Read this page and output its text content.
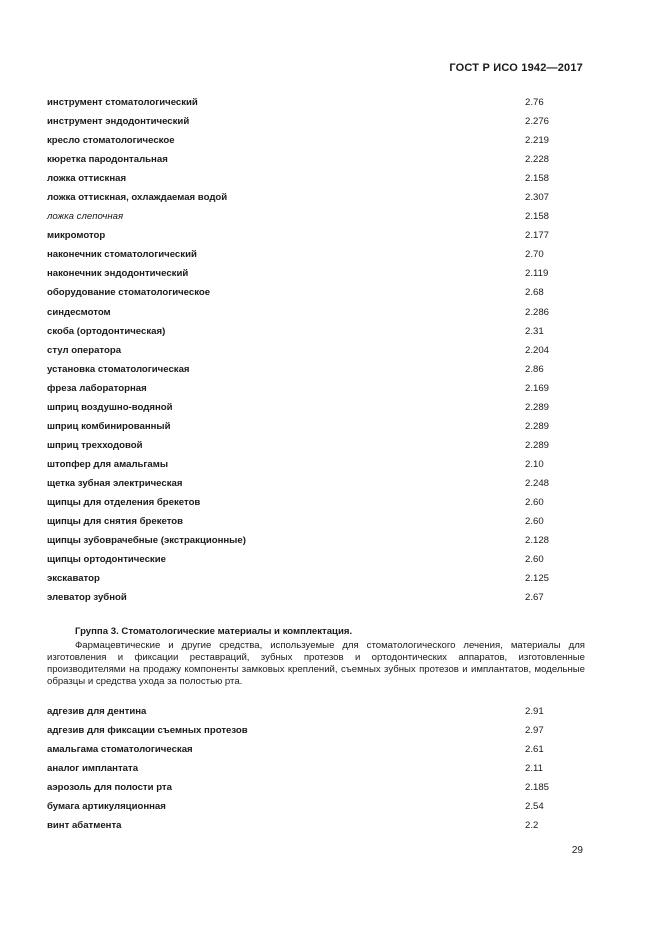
ГОСТ Р ИСО 1942—2017
инструмент стоматологический	2.76
инструмент эндодонтический	2.276
кресло стоматологическое	2.219
кюретка пародонтальная	2.228
ложка оттискная	2.158
ложка оттискная, охлаждаемая водой	2.307
ложка слепочная	2.158
микромотор	2.177
наконечник стоматологический	2.70
наконечник эндодонтический	2.119
оборудование стоматологическое	2.68
синдесмотом	2.286
скоба (ортодонтическая)	2.31
стул оператора	2.204
установка стоматологическая	2.86
фреза лабораторная	2.169
шприц воздушно-водяной	2.289
шприц комбинированный	2.289
шприц трехходовой	2.289
штопфер для амальгамы	2.10
щетка зубная электрическая	2.248
щипцы для отделения брекетов	2.60
щипцы для снятия брекетов	2.60
щипцы зубоврачебные (экстракционные)	2.128
щипцы ортодонтические	2.60
экскаватор	2.125
элеватор зубной	2.67
Группа 3. Стоматологические материалы и комплектация.
Фармацевтические и другие средства, используемые для стоматологического лечения, материалы для изготовления и фиксации реставраций, зубных протезов и ортодонтических аппаратов, изготовленные производителями на продажу компоненты замковых креплений, съемных зубных протезов и имплантатов, модельные образцы и средства ухода за полостью рта.
адгезив для дентина	2.91
адгезив для фиксации съемных протезов	2.97
амальгама стоматологическая	2.61
аналог имплантата	2.11
аэрозоль для полости рта	2.185
бумага артикуляционная	2.54
винт абатмента	2.2
29
